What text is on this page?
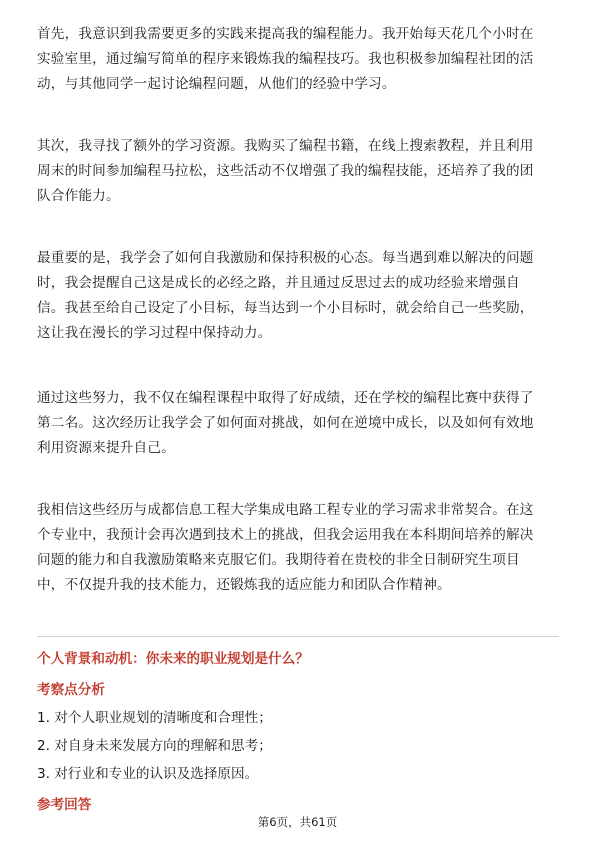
首先，我意识到我需要更多的实践来提高我的编程能力。我开始每天花几个小时在
实验室里，通过编写简单的程序来锻炼我的编程技巧。我也积极参加编程社团的活
动，与其他同学一起讨论编程问题，从他们的经验中学习。
其次，我寻找了额外的学习资源。我购买了编程书籍，在线上搜索教程，并且利用
周末的时间参加编程马拉松，这些活动不仅增强了我的编程技能，还培养了我的团
队合作能力。
最重要的是，我学会了如何自我激励和保持积极的心态。每当遇到难以解决的问题
时，我会提醒自己这是成长的必经之路，并且通过反思过去的成功经验来增强自
信。我甚至给自己设定了小目标，每当达到一个小目标时，就会给自己一些奖励，
这让我在漫长的学习过程中保持动力。
通过这些努力，我不仅在编程课程中取得了好成绩，还在学校的编程比赛中获得了
第二名。这次经历让我学会了如何面对挑战，如何在逆境中成长，以及如何有效地
利用资源来提升自己。
我相信这些经历与成都信息工程大学集成电路工程专业的学习需求非常契合。在这
个专业中，我预计会再次遇到技术上的挑战，但我会运用我在本科期间培养的解决
问题的能力和自我激励策略来克服它们。我期待着在贵校的非全日制研究生项目
中，不仅提升我的技术能力，还锻炼我的适应能力和团队合作精神。
个人背景和动机：你未来的职业规划是什么？
考察点分析
1. 对个人职业规划的清晰度和合理性；
2. 对自身未来发展方向的理解和思考；
3. 对行业和专业的认识及选择原因。
参考回答
第6页，共61页
